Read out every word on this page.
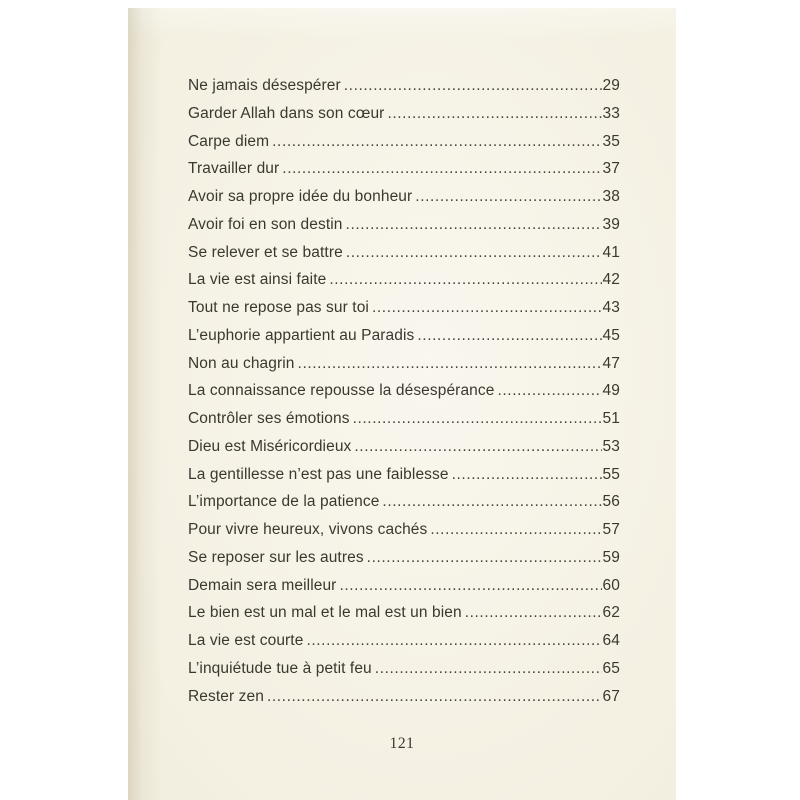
Ne jamais désespérer .....	29
Garder Allah dans son cœur .....	33
Carpe diem .....	35
Travailler dur .....	37
Avoir sa propre idée du bonheur .....	38
Avoir foi en son destin .....	39
Se relever et se battre .....	41
La vie est ainsi faite .....	42
Tout ne repose pas sur toi .....	43
L’euphorie appartient au Paradis .....	45
Non au chagrin .....	47
La connaissance repousse la désespérance .....	49
Contrôler ses émotions .....	51
Dieu est Miséricordieux .....	53
La gentillesse n’est pas une faiblesse .....	55
L’importance de la patience .....	56
Pour vivre heureux, vivons cachés .....	57
Se reposer sur les autres .....	59
Demain sera meilleur .....	60
Le bien est un mal et le mal est un bien .....	62
La vie est courte .....	64
L’inquiétude tue à petit feu .....	65
Rester zen .....	67
121
